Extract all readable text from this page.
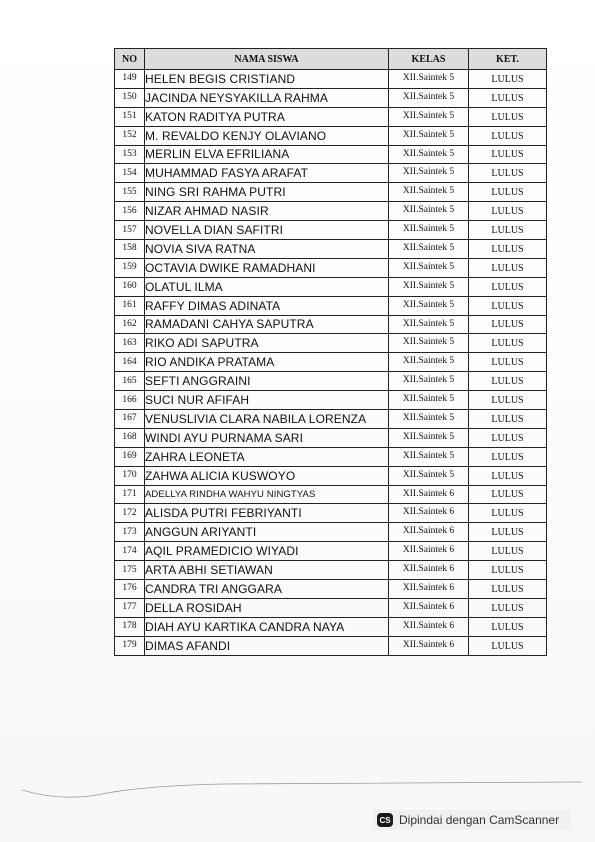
NO	NAMA SISWA	KELAS	KET.
149	HELEN BEGIS CRISTIAND	XII.Saintek 5	LULUS
150	JACINDA NEYSYAKILLA RAHMA	XII.Saintek 5	LULUS
151	KATON RADITYA PUTRA	XII.Saintek 5	LULUS
152	M. REVALDO KENJY OLAVIANO	XII.Saintek 5	LULUS
153	MERLIN ELVA EFRILIANA	XII.Saintek 5	LULUS
154	MUHAMMAD FASYA ARAFAT	XII.Saintek 5	LULUS
155	NING SRI RAHMA PUTRI	XII.Saintek 5	LULUS
156	NIZAR AHMAD NASIR	XII.Saintek 5	LULUS
157	NOVELLA DIAN SAFITRI	XII.Saintek 5	LULUS
158	NOVIA SIVA RATNA	XII.Saintek 5	LULUS
159	OCTAVIA DWIKE RAMADHANI	XII.Saintek 5	LULUS
160	OLATUL ILMA	XII.Saintek 5	LULUS
161	RAFFY DIMAS ADINATA	XII.Saintek 5	LULUS
162	RAMADANI CAHYA SAPUTRA	XII.Saintek 5	LULUS
163	RIKO ADI SAPUTRA	XII.Saintek 5	LULUS
164	RIO ANDIKA PRATAMA	XII.Saintek 5	LULUS
165	SEFTI ANGGRAINI	XII.Saintek 5	LULUS
166	SUCI NUR AFIFAH	XII.Saintek 5	LULUS
167	VENUSLIVIA CLARA NABILA LORENZA	XII.Saintek 5	LULUS
168	WINDI AYU PURNAMA SARI	XII.Saintek 5	LULUS
169	ZAHRA LEONETA	XII.Saintek 5	LULUS
170	ZAHWA ALICIA KUSWOYO	XII.Saintek 5	LULUS
171	ADELLYA RINDHA WAHYU NINGTYAS	XII.Saintek 6	LULUS
172	ALISDA PUTRI FEBRIYANTI	XII.Saintek 6	LULUS
173	ANGGUN ARIYANTI	XII.Saintek 6	LULUS
174	AQIL PRAMEDICIO WIYADI	XII.Saintek 6	LULUS
175	ARTA ABHI SETIAWAN	XII.Saintek 6	LULUS
176	CANDRA TRI ANGGARA	XII.Saintek 6	LULUS
177	DELLA ROSIDAH	XII.Saintek 6	LULUS
178	DIAH AYU KARTIKA CANDRA NAYA	XII.Saintek 6	LULUS
179	DIMAS AFANDI	XII.Saintek 6	LULUS
CS Dipindai dengan CamScanner
